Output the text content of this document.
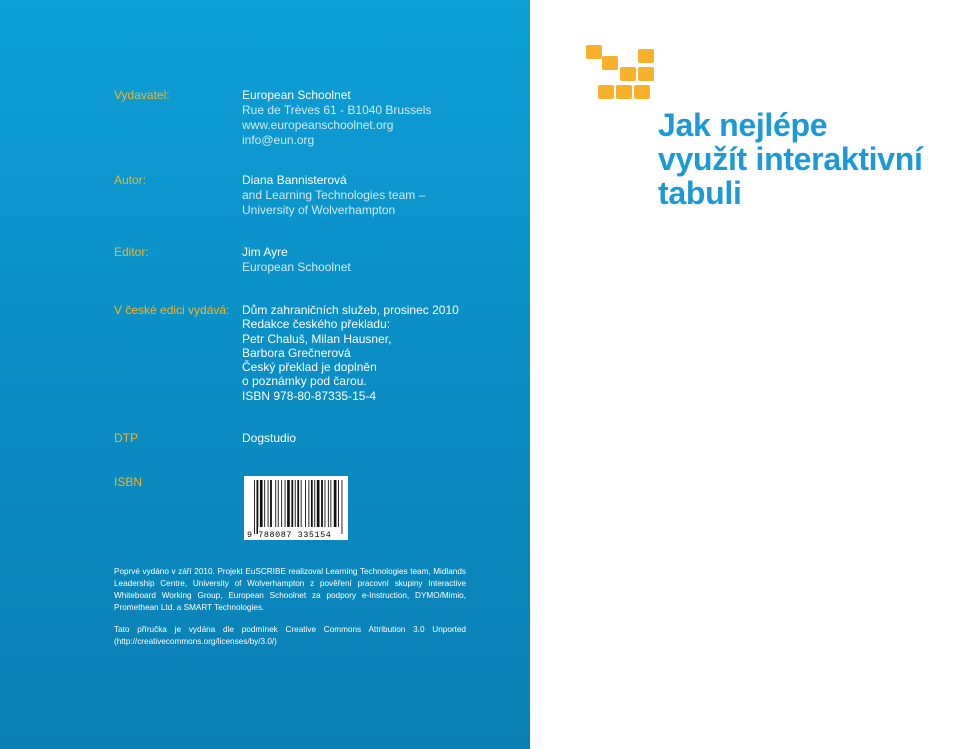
Vydavatel:	European Schoolnet
Rue de Trèves 61 - B1040 Brussels
www.europeanschoolnet.org
info@eun.org
Autor:	Diana Bannisterová
and Learning Technologies team –
University of Wolverhampton
Editor:	Jim Ayre
European Schoolnet
V české edici vydává: Dům zahraničních služeb, prosinec 2010
Redakce českého překladu:
Petr Chaluš, Milan Hausner,
Barbora Grečnerová
Český překlad je doplněn
o poznámky pod čarou.
ISBN 978-80-87335-15-4
DTP	Dogstudio
ISBN
9 788087 335154

Poprvé vydáno v září 2010. Projekt EuSCRIBE realizoval Learning Technologies team, Midlands Leadership Centre, University of Wolverhampton z pověření pracovní skupiny Interactive Whiteboard Working Group, European Schoolnet za podpory e-Instruction, DYMO/Mimio, Promethean Ltd. a SMART Technologies.

Tato příručka je vydána dle podmínek Creative Commons Attribution 3.0 Unported (http://creativecommons.org/licenses/by/3.0/)

Jak nejlépe
využít interaktivní
tabuli
